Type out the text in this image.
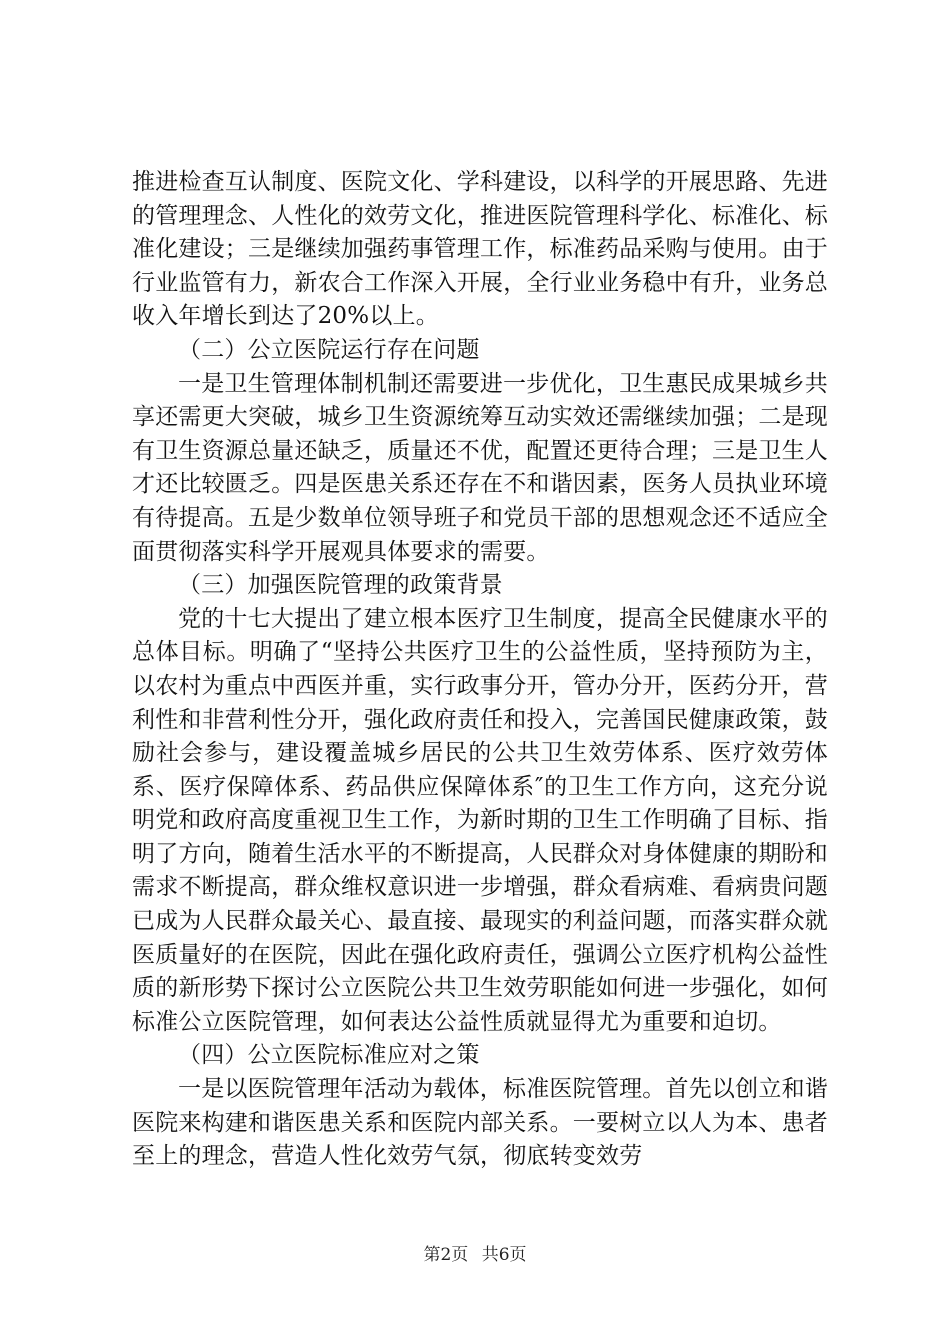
推进检查互认制度、医院文化、学科建设，以科学的开展思路、先进的管理理念、人性化的效劳文化，推进医院管理科学化、标准化、标准化建设；三是继续加强药事管理工作，标准药品采购与使用。由于行业监管有力，新农合工作深入开展，全行业业务稳中有升，业务总收入年增长到达了20%以上。

（二）公立医院运行存在问题

一是卫生管理体制机制还需要进一步优化，卫生惠民成果城乡共享还需更大突破，城乡卫生资源统筹互动实效还需继续加强；二是现有卫生资源总量还缺乏，质量还不优，配置还更待合理；三是卫生人才还比较匮乏。四是医患关系还存在不和谐因素，医务人员执业环境有待提高。五是少数单位领导班子和党员干部的思想观念还不适应全面贯彻落实科学开展观具体要求的需要。

（三）加强医院管理的政策背景

党的十七大提出了建立根本医疗卫生制度，提高全民健康水平的总体目标。明确了“坚持公共医疗卫生的公益性质，坚持预防为主，以农村为重点中西医并重，实行政事分开，管办分开，医药分开，营利性和非营利性分开，强化政府责任和投入，完善国民健康政策，鼓励社会参与，建设覆盖城乡居民的公共卫生效劳体系、医疗效劳体系、医疗保障体系、药品供应保障体系″的卫生工作方向，这充分说明党和政府高度重视卫生工作，为新时期的卫生工作明确了目标、指明了方向，随着生活水平的不断提高，人民群众对身体健康的期盼和需求不断提高，群众维权意识进一步增强，群众看病难、看病贵问题已成为人民群众最关心、最直接、最现实的利益问题，而落实群众就医质量好的在医院，因此在强化政府责任，强调公立医疗机构公益性质的新形势下探讨公立医院公共卫生效劳职能如何进一步强化，如何标准公立医院管理，如何表达公益性质就显得尤为重要和迫切。

（四）公立医院标准应对之策

一是以医院管理年活动为载体，标准医院管理。首先以创立和谐医院来构建和谐医患关系和医院内部关系。一要树立以人为本、患者至上的理念，营造人性化效劳气氛，彻底转变效劳

第2页 共6页
